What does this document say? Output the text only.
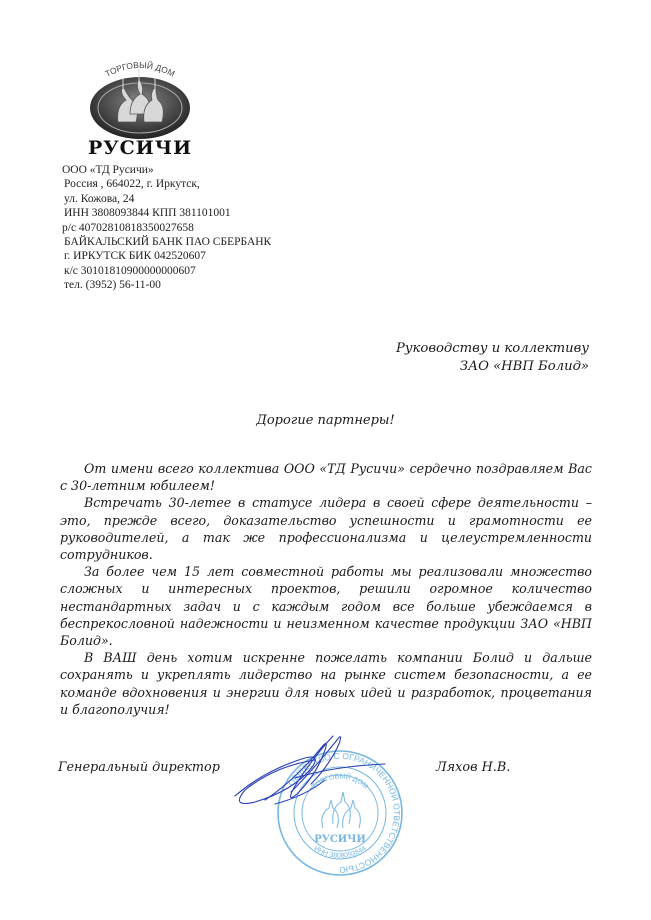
ТОРГОВЫЙ ДОМ
РУСИЧИ
ООО «ТД Русичи»
Россия , 664022, г. Иркутск,
ул. Кожова, 24
ИНН 3808093844 КПП 381101001
р/с 40702810818350027658
БАЙКАЛЬСКИЙ БАНК ПАО СБЕРБАНК
г. ИРКУТСК БИК 042520607
к/с 30101810900000000607
тел. (3952) 56-11-00
Руководству и коллективу
ЗАО «НВП Болид»
Дорогие партнеры!

От имени всего коллектива ООО «ТД Русичи» сердечно поздравляем Вас с 30-летним юбилеем!

Встречать 30-летее в статусе лидера в своей сфере деятельности – это, прежде всего, доказательство успешности и грамотности ее руководителей, а так же профессионализма и целеустремленности сотрудников.

За более чем 15 лет совместной работы мы реализовали множество сложных и интересных проектов, решили огромное количество нестандартных задач и с каждым годом все больше убеждаемся в беспрекословной надежности и неизменном качестве продукции ЗАО «НВП Болид».

В ВАШ день хотим искренне пожелать компании Болид и дальше сохранять и укреплять лидерство на рынке систем безопасности, а ее команде вдохновения и энергии для новых идей и разработок, процветания и благополучия!

Генеральный директор	Ляхов Н.В.
ОБЩЕСТВО С ОГРАНИЧЕННОЙ ОТВЕТСТВЕННОСТЬЮ
ТОРГОВЫЙ ДОМ
ИНН 3808093844
РУСИЧИ
